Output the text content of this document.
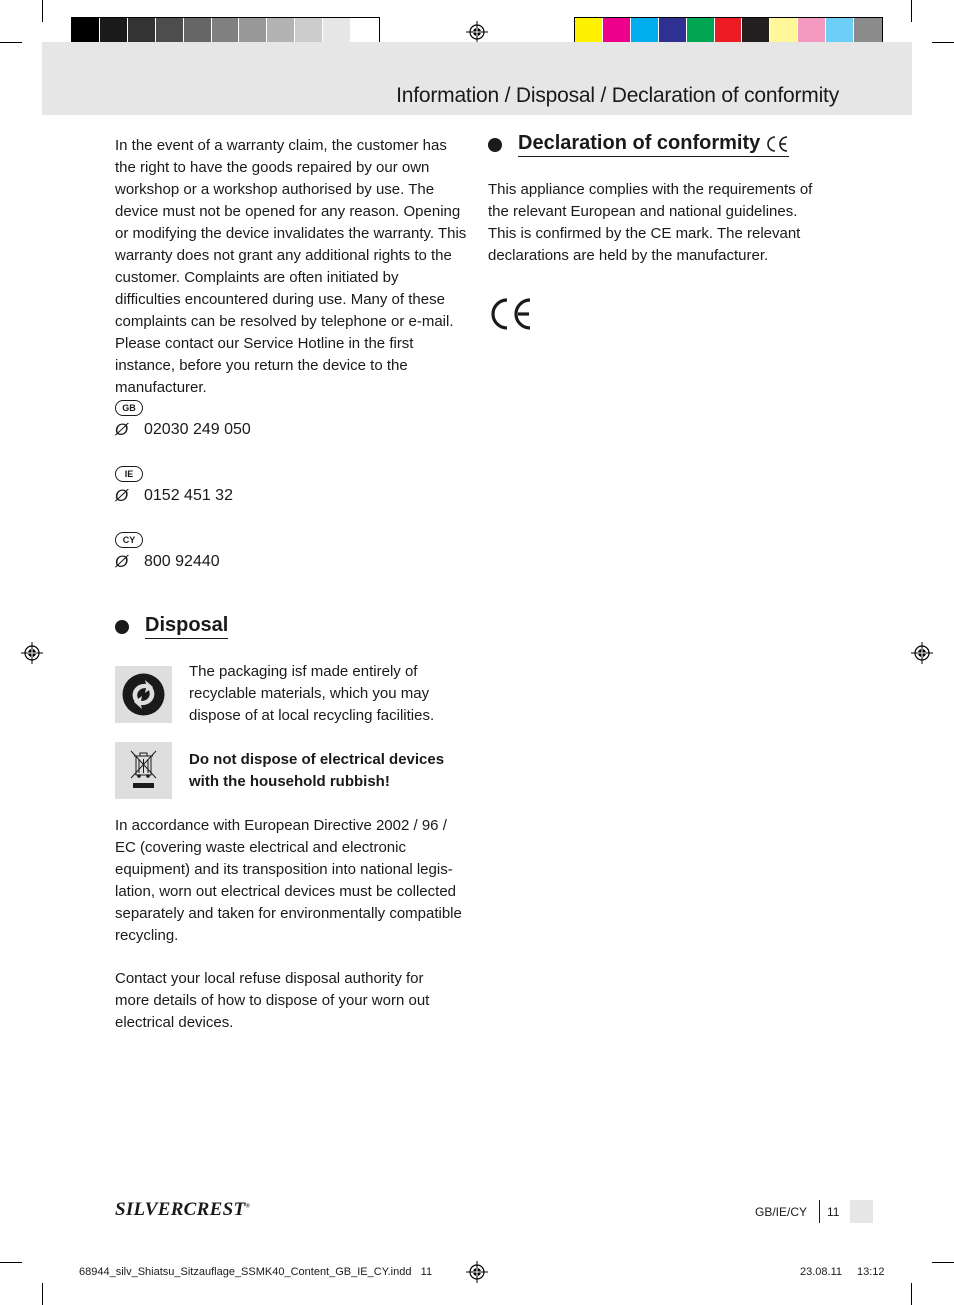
Information / Disposal / Declaration of conformity
In the event of a warranty claim, the customer has the right to have the goods repaired by our own workshop or a workshop authorised by use. The device must not be opened for any reason. Opening or modifying the device invalidates the warranty. This warranty does not grant any additional rights to the customer. Complaints are often initiated by difficulties encountered during use. Many of these complaints can be resolved by telephone or e-mail. Please contact our Service Hotline in the first instance, before you return the device to the manufacturer.
GB
Ø 02030 249 050
IE
Ø 0152 451 32
CY
Ø 800 92440
Disposal
The packaging isf made entirely of recyclable materials, which you may dispose of at local recycling facilities.
Do not dispose of electrical devices with the household rubbish!
In accordance with European Directive 2002 / 96 / EC (covering waste electrical and electronic equipment) and its transposition into national legis- lation, worn out electrical devices must be collected separately and taken for environmentally compatible recycling.
Contact your local refuse disposal authority for more details of how to dispose of your worn out electrical devices.
Declaration of conformity
This appliance complies with the requirements of the relevant European and national guidelines. This is confirmed by the CE mark. The relevant declarations are held by the manufacturer.
SILVERCREST®	GB/IE/CY 11
68944_silv_Shiatsu_Sitzauflage_SSMK40_Content_GB_IE_CY.indd   11	23.08.11 13:12
